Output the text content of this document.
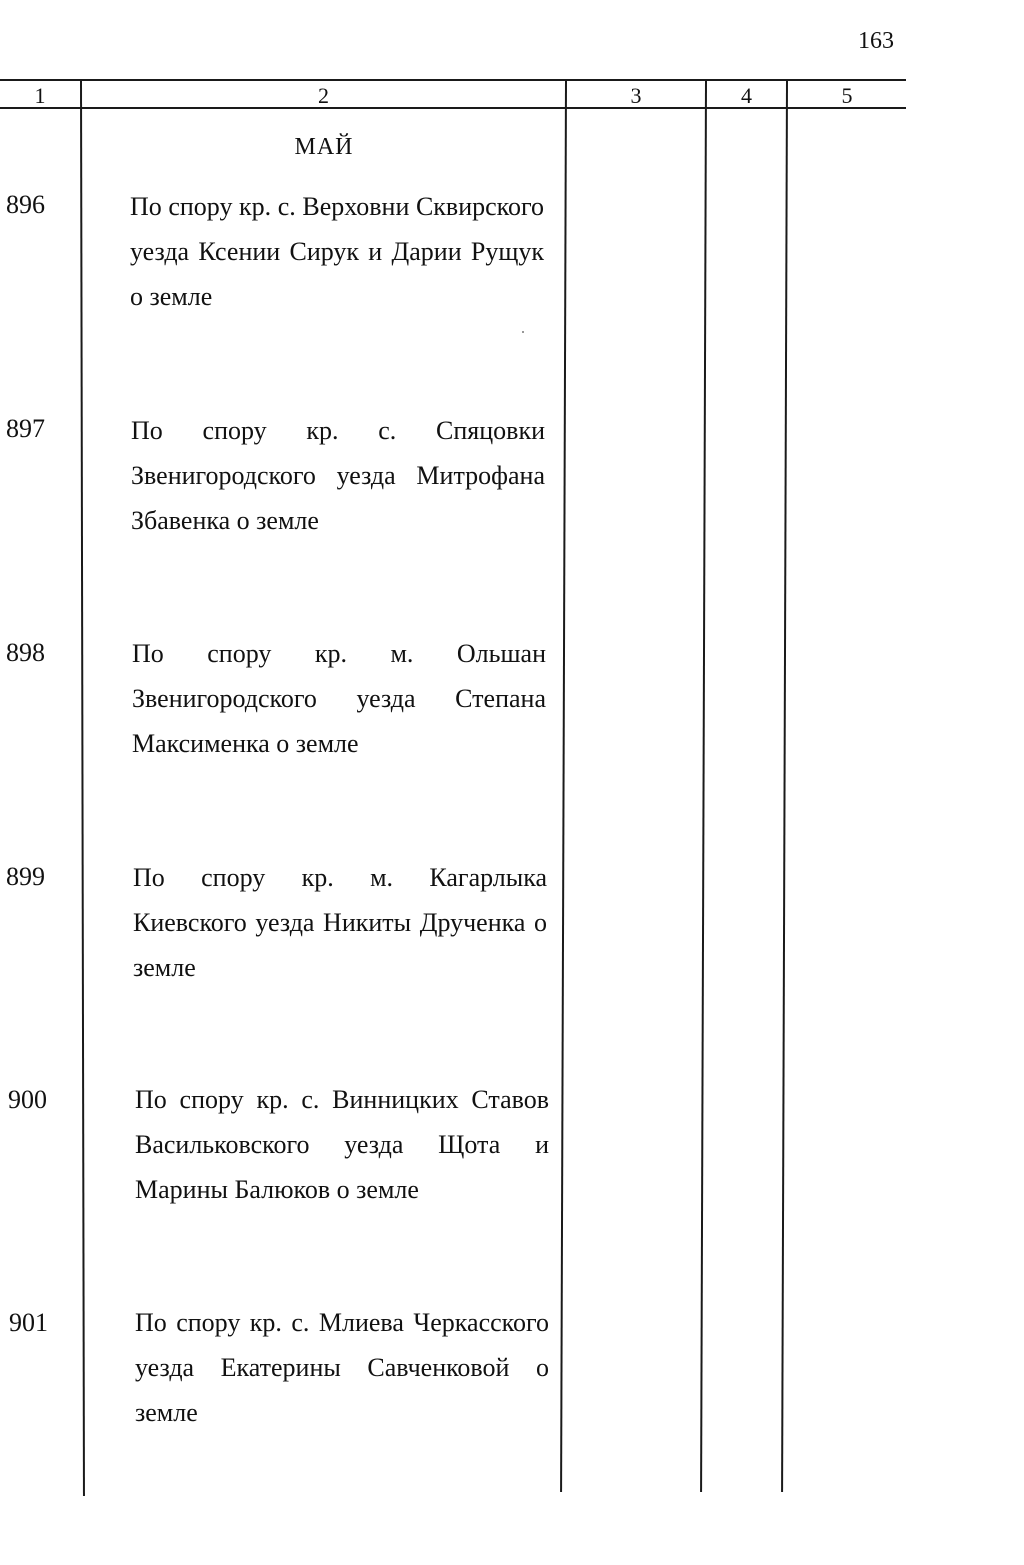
163
1	2	3	4	5
МАЙ
896	По спору кр. с. Верховни Сквирского уезда Ксении Сирук и Дарии Рущук о земле
897	По спору кр. с. Спяцовки Звенигородского уезда Митрофана Збавенка о земле
898	По спору кр. м. Ольшан Звенигородского уезда Степана Максименка о земле
899	По спору кр. м. Кагарлыка Киевского уезда Никиты Друченка о земле
900	По спору кр. с. Винницких Ставов Васильковского уезда Щота и Марины Балюков о земле
901	По спору кр. с. Млиева Черкасского уезда Екатерины Савченковой о земле
